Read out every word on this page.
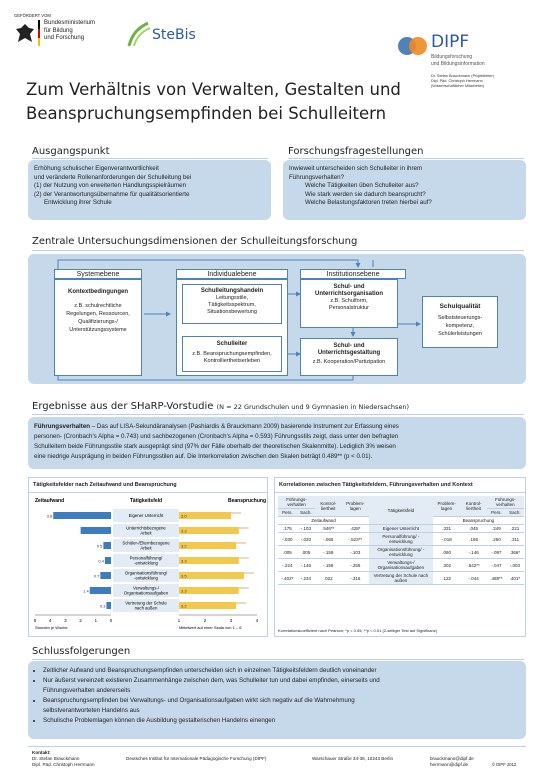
GEFÖRDERT VOM
Bundesministerium
für Bildung
und Forschung	SteBis	DIPF
Bildungsforschung
und Bildungsinformation
Dr. Stefan Brauckmann (Projektleiter)
Dipl. Päd. Christoph Herrmann
(Wissenschaftlicher Mitarbeiter)
Zum Verhältnis von Verwalten, Gestalten und
Beanspruchungsempfinden bei Schulleitern
Ausgangspunkt
Erhöhung schulischer Eigenverantwortlichkeit
und veränderte Rollenanforderungen der Schulleitung bei
(1) der Nutzung von erweiterten Handlungsspielräumen
(2) der Verantwortungsübernahme für qualitätsorientierte
Entwicklung ihrer Schule
Forschungsfragestellungen
Inwieweit unterscheiden sich Schulleiter in ihrem
Führungsverhalten?
Welche Tätigkeiten üben Schulleiter aus?
Wie stark werden sie dadurch beansprucht?
Welche Belastungsfaktoren treten hierbei auf?
Zentrale Untersuchungsdimensionen der Schulleitungsforschung
Systemebene
Kontextbedingungen
z.B. schulrechtliche
Regelungen, Ressourcen,
Qualifizierungs-/
Unterstützungssysteme
Individualebene
Schulleitungshandeln
Leitungsstile,
Tätigkeitsspektrum,
Situationsbewertung
Schulleiter
z.B. Beanspruchungsempfinden,
Kontrolliertheitserleben
Institutionsebene
Schul- und
Unterrichtsorganisation
z.B. Schulform,
Personalstruktur
Schul- und
Unterrichtsgestaltung
z.B. Kooperation/Partizipation
Schulqualität
Selbststeuerungs-
kompetenz,
Schülerleistungen
Ergebnisse aus der SHaRP-Vorstudie (N = 22 Grundschulen und 9 Gymnasien in Niedersachsen)
Führungsverhalten – Das auf LISA-Sekundäranalysen (Pashiardis & Brauckmann 2009) basierende Instrument zur Erfassung eines
personen- (Cronbach's Alpha = 0.743) und sachbezogenen (Cronbach's Alpha = 0.593) Führungsstils zeigt, dass unter den befragten
Schulleitern beide Führungsstile stark ausgeprägt sind (97% der Fälle oberhalb der theoretischen Skalenmitte). Lediglich 3% weisen
eine niedrige Ausprägung in beiden Führungsstilen auf. Die Interkorrelation zwischen den Skalen beträgt 0.489** (p < 0.01).
Tätigkeitsfelder nach Zeitaufwand und Beanspruchung
Zeitaufwand	Tätigkeitsfeld	Beanspruchung
Eigener Unterricht
3.8	3.0
Unterrichtsbezogene
Arbeit	3.3
Schüler-/Elternbezogene
Arbeit
0.5	3.2
Personalführung/
-entwicklung
0.4	3.3
Organisationsführung/
-entwicklung
0.7	3.5
Verwaltungs-/
Organisationsaufgaben
1.4	3.3
Vertretung der Schule
nach außen
0.3	3.2
5	4	3	2	1	0	1	2	3	4
Stunden je Woche	Mittelwert auf einer Skala von 1 – 6
Korrelationen zwischen Tätigkeitsfeldern, Führungsverhalten und Kontext
Führungs-verhalten		Kontrol-liertheit	Problem-lagen	Tätigkeitsfeld	Problem-lagen	Kontrol-liertheit	Führungs-verhalten	
Pers.	Sach.						Pers.	Sach.
Zeitaufwand					Beanspruchung			
.175	-.103	.546**	.428*	Eigener Unterricht	.331	.045	.249	.221
-.030	-.020	-.066	-.523**	Personalführung/ -entwicklung	-.018	.165	.250	.311
.005	.005	-.159	-.103	Organisationsführung/ -entwicklung	.060	-.146	-.097	.366*
-.224	-.146	-.159	-.255	Verwaltungs-/ Organisationsaufgaben	.302	.542**	-.047	-.003
-.402*	-.234	.022	-.316	Vertretung der Schule nach außen	.122	-.044	.488**	.401*
Korrelationskoeffizient nach Pearson; *p < 0.05; **p < 0.01 (2-seitiger Test auf Signifikanz)
Schlussfolgerungen
• Zeitlicher Aufwand und Beanspruchungsempfinden unterscheiden sich in einzelnen Tätigkeitsfeldern deutlich voneinander
• Nur äußerst vereinzelt existieren Zusammenhänge zwischen dem, was Schulleiter tun und dabei empfinden, einerseits und
Führungsverhalten andererseits
• Beanspruchungsempfinden bei Verwaltungs- und Organisationsaufgaben wirkt sich negativ auf die Wahrnehmung
selbstverantworteten Handelns aus
• Schulische Problemlagen können die Ausbildung gestalterischen Handelns einengen
Kontakt:
Dr. Stefan Brauckmann
Dipl. Päd. Christoph Herrmann
Deutsches Institut für Internationale Pädagogische Forschung (DIPF)	Warschauer Straße 34-38, 10243 Berlin	brauckmann@dipf.de
herrmann@dipf.de	© DIPF 2012
